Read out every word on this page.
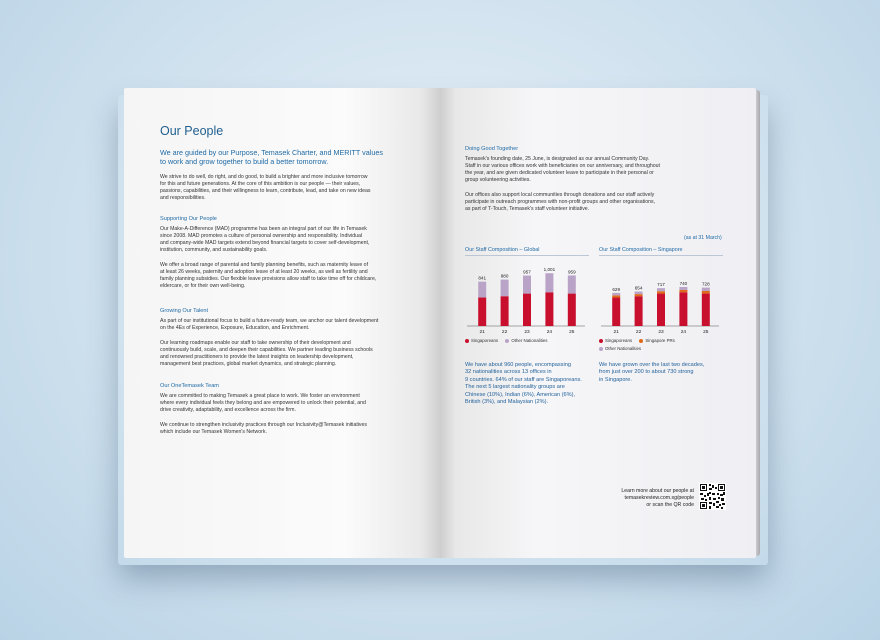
Our People
We are guided by our Purpose, Temasek Charter, and MERITT values
to work and grow together to build a better tomorrow.
We strive to do well, do right, and do good, to build a brighter and more inclusive tomorrow
for this and future generations. At the core of this ambition is our people — their values,
passions, capabilities, and their willingness to learn, contribute, lead, and take on new ideas
and responsibilities.
Supporting Our People
Our Make-A-Difference (MAD) programme has been an integral part of our life in Temasek
since 2008. MAD promotes a culture of personal ownership and responsibility. Individual
and company-wide MAD targets extend beyond financial targets to cover self-development,
institution, community, and sustainability goals.
We offer a broad range of parental and family planning benefits, such as maternity leave of
at least 26 weeks, paternity and adoption leave of at least 20 weeks, as well as fertility and
family planning subsidies. Our flexible leave provisions allow staff to take time off for childcare,
eldercare, or for their own well-being.
Growing Our Talent
As part of our institutional focus to build a future-ready team, we anchor our talent development
on the 4Es of Experience, Exposure, Education, and Enrichment.
Our learning roadmaps enable our staff to take ownership of their development and
continuously build, scale, and deepen their capabilities. We partner leading business schools
and renowned practitioners to provide the latest insights on leadership development,
management best practices, global market dynamics, and strategic planning.
Our OneTemasek Team
We are committed to making Temasek a great place to work. We foster an environment
where every individual feels they belong and are empowered to unlock their potential, and
drive creativity, adaptability, and excellence across the firm.
We continue to strengthen inclusivity practices through our Inclusivity@Temasek initiatives
which include our Temasek Women's Network.
Doing Good Together
Temasek's founding date, 25 June, is designated as our annual Community Day.
Staff in our various offices work with beneficiaries on our anniversary, and throughout
the year, and are given dedicated volunteer leave to participate in their personal or
group volunteering activities.
Our offices also support local communities through donations and our staff actively
participate in outreach programmes with non-profit groups and other organisations,
as part of T-Touch, Temasek's staff volunteer initiative.
(as at 31 March)
Our Staff Composition – Global
841
21
880
22
957
23
1,001
24
959
25
Singaporeans	Other Nationalities
Our Staff Composition – Singapore
629
21
654
22
717
23
740
24
728
25
Singaporeans	Singapore PRs
Other Nationalities
We have about 960 people, encompassing
32 nationalities across 13 offices in
9 countries. 64% of our staff are Singaporeans.
The next 5 largest nationality groups are
Chinese (10%), Indian (6%), American (6%),
British (3%), and Malaysian (2%).
We have grown over the last two decades,
from just over 200 to about 730 strong
in Singapore.
Learn more about our people at
temasekreview.com.sg/people
or scan the QR code
